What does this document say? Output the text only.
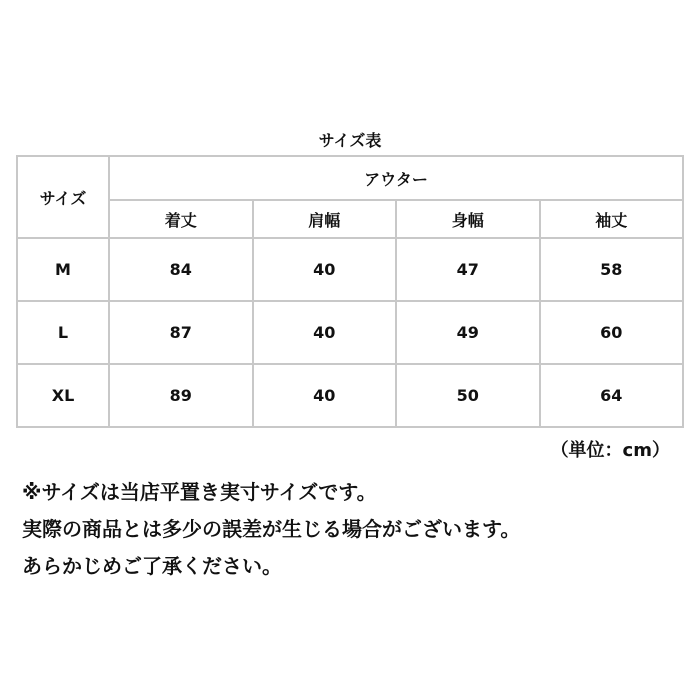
サイズ表
サイズ	アウター			
	着丈	肩幅	身幅	袖丈
M	84	40	47	58
L	87	40	49	60
XL	89	40	50	64
（単位：cm）
※サイズは当店平置き実寸サイズです。
実際の商品とは多少の誤差が生じる場合がございます。
あらかじめご了承ください。
